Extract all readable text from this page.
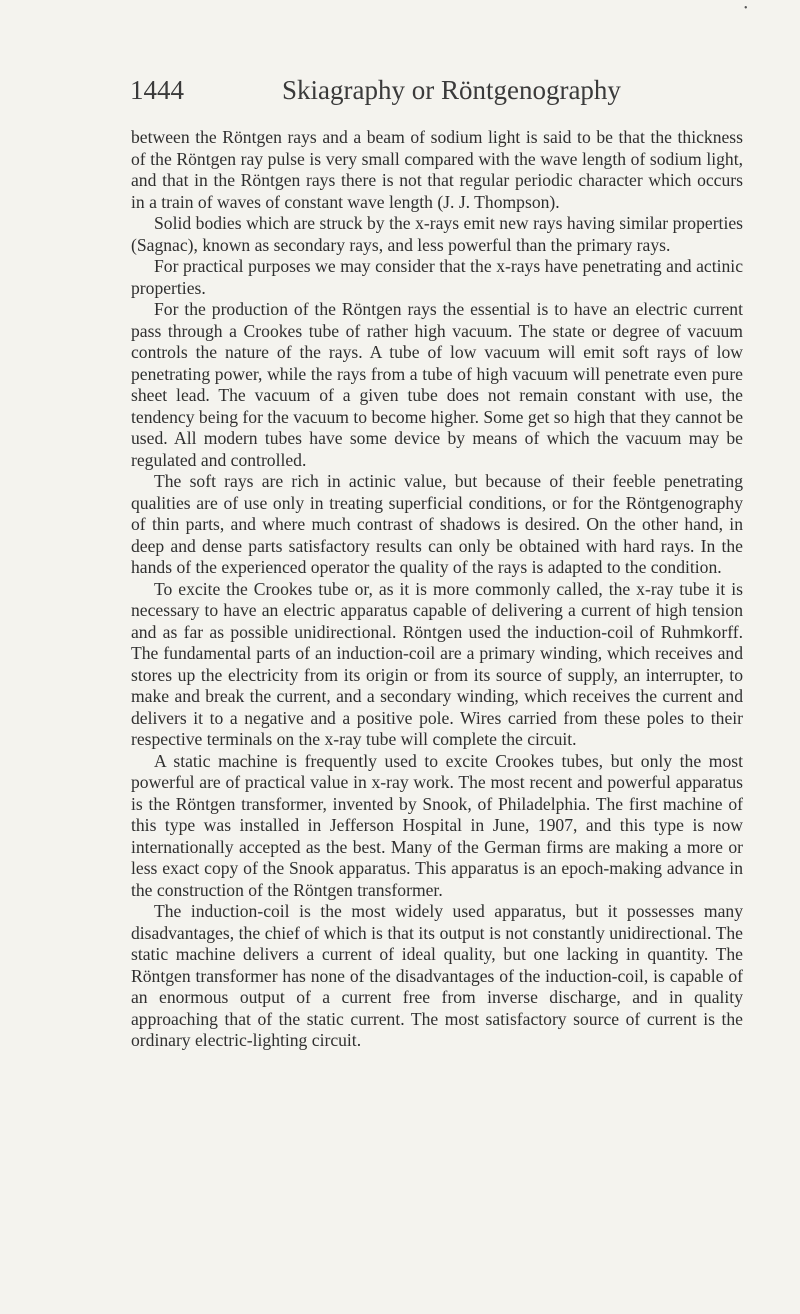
•
1444	Skiagraphy or Röntgenography

between the Röntgen rays and a beam of sodium light is said to be that the thickness of the Röntgen ray pulse is very small compared with the wave length of sodium light, and that in the Röntgen rays there is not that regular periodic character which occurs in a train of waves of constant wave length (J. J. Thompson).

Solid bodies which are struck by the x-rays emit new rays having similar properties (Sagnac), known as secondary rays, and less powerful than the primary rays.

For practical purposes we may consider that the x-rays have penetrating and actinic properties.

For the production of the Röntgen rays the essential is to have an electric current pass through a Crookes tube of rather high vacuum. The state or degree of vacuum controls the nature of the rays. A tube of low vacuum will emit soft rays of low penetrating power, while the rays from a tube of high vacuum will penetrate even pure sheet lead. The vacuum of a given tube does not remain constant with use, the tendency being for the vacuum to become higher. Some get so high that they cannot be used. All modern tubes have some device by means of which the vacuum may be regulated and controlled.

The soft rays are rich in actinic value, but because of their feeble penetrating qualities are of use only in treating superficial conditions, or for the Röntgenography of thin parts, and where much contrast of shadows is desired. On the other hand, in deep and dense parts satisfactory results can only be obtained with hard rays. In the hands of the experienced operator the quality of the rays is adapted to the condition.

To excite the Crookes tube or, as it is more commonly called, the x-ray tube it is necessary to have an electric apparatus capable of delivering a current of high tension and as far as possible unidirectional. Röntgen used the induction-coil of Ruhmkorff. The fundamental parts of an induction-coil are a primary winding, which receives and stores up the electricity from its origin or from its source of supply, an interrupter, to make and break the current, and a secondary winding, which receives the current and delivers it to a negative and a positive pole. Wires carried from these poles to their respective terminals on the x-ray tube will complete the circuit.

A static machine is frequently used to excite Crookes tubes, but only the most powerful are of practical value in x-ray work. The most recent and powerful apparatus is the Röntgen transformer, invented by Snook, of Philadelphia. The first machine of this type was installed in Jefferson Hospital in June, 1907, and this type is now internationally accepted as the best. Many of the German firms are making a more or less exact copy of the Snook apparatus. This apparatus is an epoch-making advance in the construction of the Röntgen transformer.

The induction-coil is the most widely used apparatus, but it possesses many disadvantages, the chief of which is that its output is not constantly unidirectional. The static machine delivers a current of ideal quality, but one lacking in quantity. The Röntgen transformer has none of the disadvantages of the induction-coil, is capable of an enormous output of a current free from inverse discharge, and in quality approaching that of the static current. The most satisfactory source of current is the ordinary electric-lighting circuit.
